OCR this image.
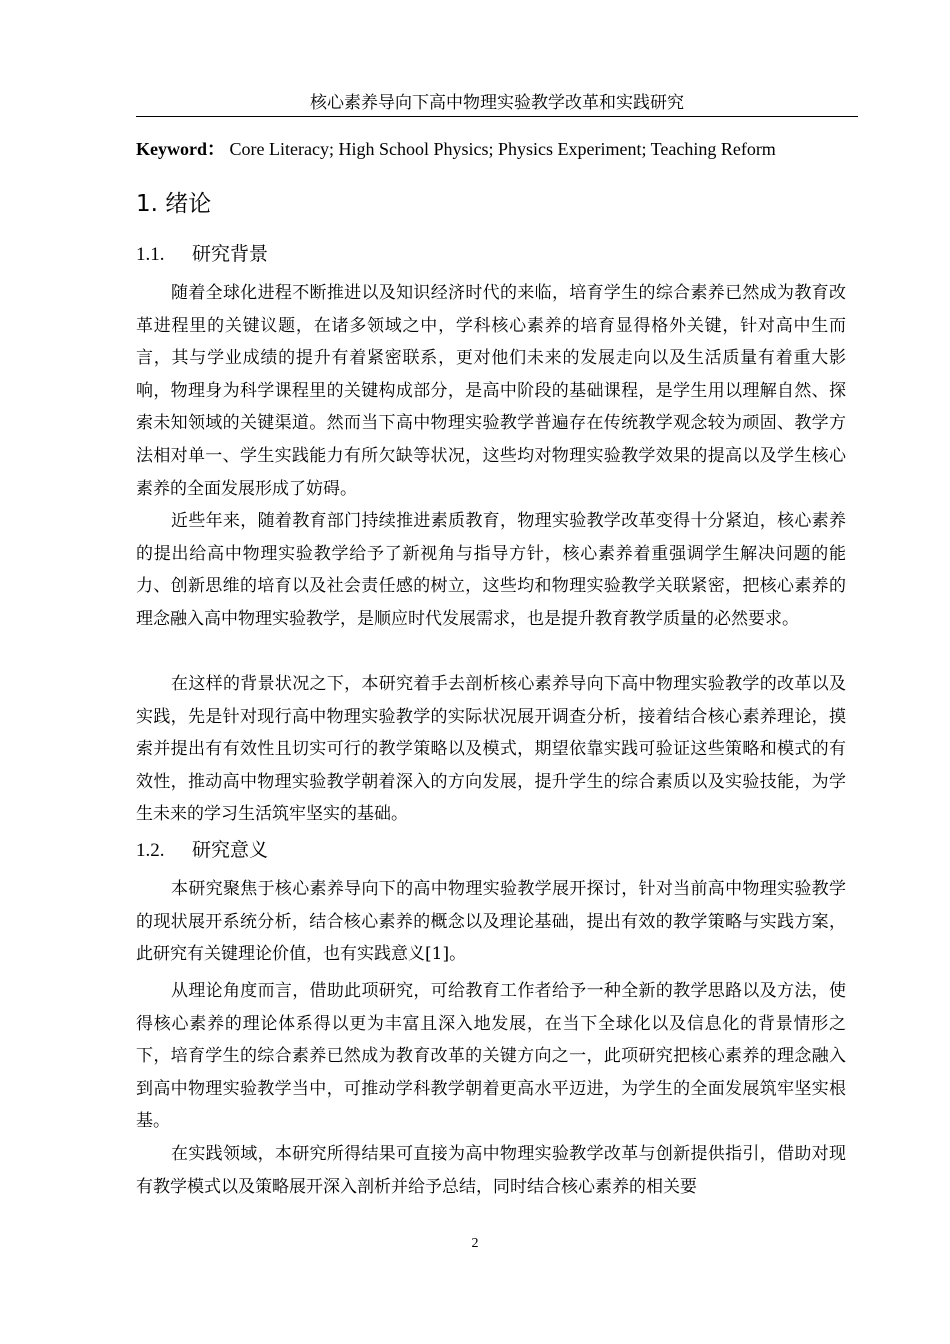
核心素养导向下高中物理实验教学改革和实践研究
Keyword： Core Literacy; High School Physics; Physics Experiment; Teaching Reform
1. 绪论
1.1. 研究背景

随着全球化进程不断推进以及知识经济时代的来临，培育学生的综合素养已然成为教育改革进程里的关键议题，在诸多领域之中，学科核心素养的培育显得格外关键，针对高中生而言，其与学业成绩的提升有着紧密联系，更对他们未来的发展走向以及生活质量有着重大影响，物理身为科学课程里的关键构成部分，是高中阶段的基础课程，是学生用以理解自然、探索未知领域的关键渠道。然而当下高中物理实验教学普遍存在传统教学观念较为顽固、教学方法相对单一、学生实践能力有所欠缺等状况，这些均对物理实验教学效果的提高以及学生核心素养的全面发展形成了妨碍。

近些年来，随着教育部门持续推进素质教育，物理实验教学改革变得十分紧迫，核心素养的提出给高中物理实验教学给予了新视角与指导方针，核心素养着重强调学生解决问题的能力、创新思维的培育以及社会责任感的树立，这些均和物理实验教学关联紧密，把核心素养的理念融入高中物理实验教学，是顺应时代发展需求，也是提升教育教学质量的必然要求。

在这样的背景状况之下，本研究着手去剖析核心素养导向下高中物理实验教学的改革以及实践，先是针对现行高中物理实验教学的实际状况展开调查分析，接着结合核心素养理论，摸索并提出有有效性且切实可行的教学策略以及模式，期望依靠实践可验证这些策略和模式的有效性，推动高中物理实验教学朝着深入的方向发展，提升学生的综合素质以及实验技能，为学生未来的学习生活筑牢坚实的基础。

1.2. 研究意义

本研究聚焦于核心素养导向下的高中物理实验教学展开探讨，针对当前高中物理实验教学的现状展开系统分析，结合核心素养的概念以及理论基础，提出有效的教学策略与实践方案，此研究有关键理论价值，也有实践意义[1]。

从理论角度而言，借助此项研究，可给教育工作者给予一种全新的教学思路以及方法，使得核心素养的理论体系得以更为丰富且深入地发展，在当下全球化以及信息化的背景情形之下，培育学生的综合素养已然成为教育改革的关键方向之一，此项研究把核心素养的理念融入到高中物理实验教学当中，可推动学科教学朝着更高水平迈进，为学生的全面发展筑牢坚实根基。

在实践领域，本研究所得结果可直接为高中物理实验教学改革与创新提供指引，借助对现有教学模式以及策略展开深入剖析并给予总结，同时结合核心素养的相关要

2
